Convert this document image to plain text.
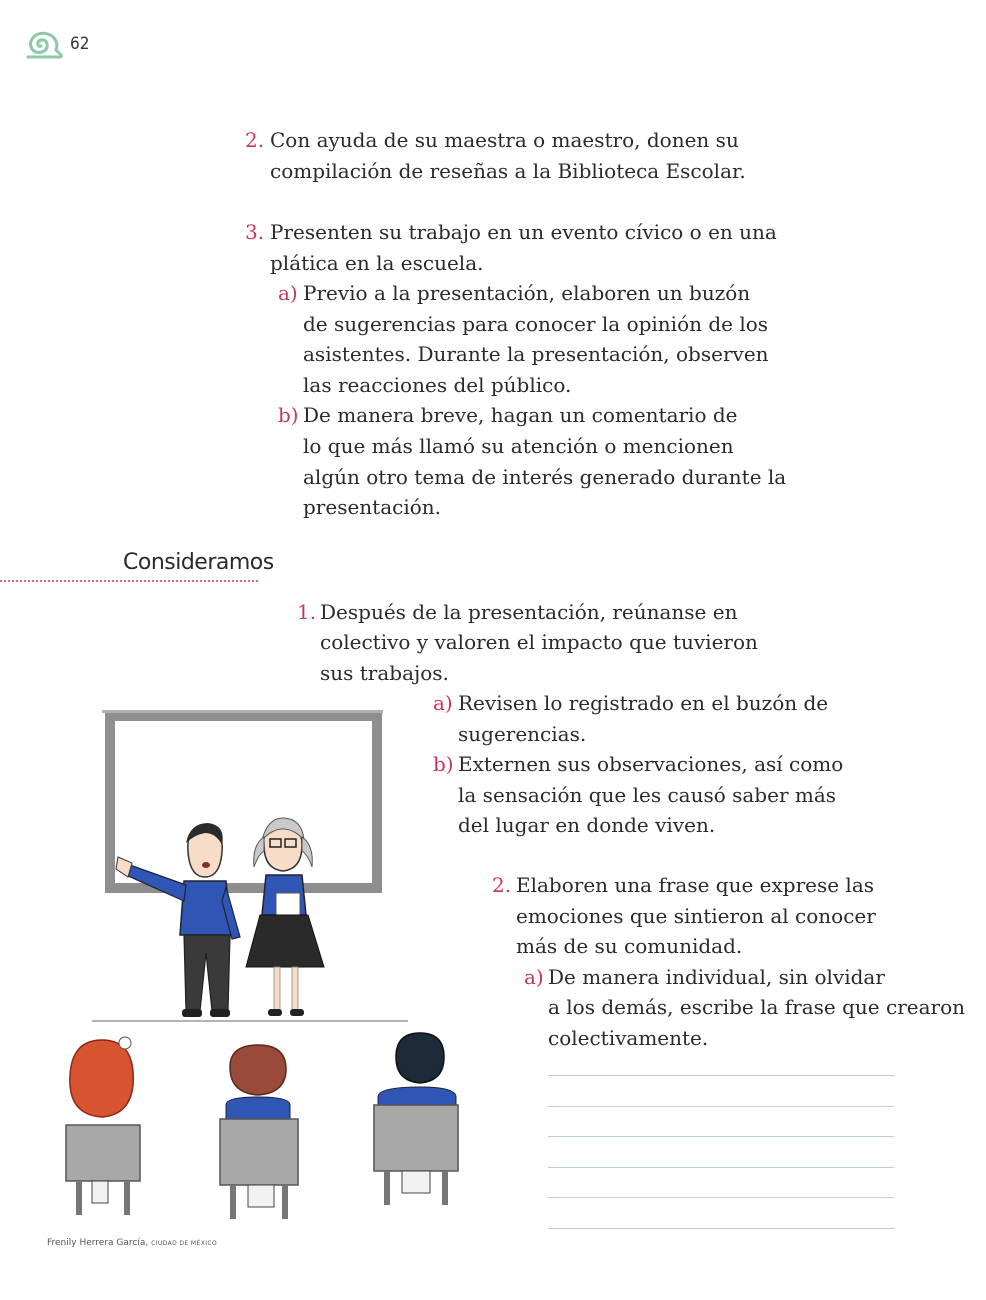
62
2. Con ayuda de su maestra o maestro, donen su
compilación de reseñas a la Biblioteca Escolar.
3. Presenten su trabajo en un evento cívico o en una
plática en la escuela.
a) Previo a la presentación, elaboren un buzón
de sugerencias para conocer la opinión de los
asistentes. Durante la presentación, observen
las reacciones del público.
b) De manera breve, hagan un comentario de
lo que más llamó su atención o mencionen
algún otro tema de interés generado durante la
presentación.
Consideramos
1. Después de la presentación, reúnanse en
colectivo y valoren el impacto que tuvieron
sus trabajos.
a) Revisen lo registrado en el buzón de
sugerencias.
b) Externen sus observaciones, así como
la sensación que les causó saber más
del lugar en donde viven.
2. Elaboren una frase que exprese las
emociones que sintieron al conocer
más de su comunidad.
a) De manera individual, sin olvidar
a los demás, escribe la frase que crearon
colectivamente.
Frenily Herrera García, CIUDAD DE MÉXICO
